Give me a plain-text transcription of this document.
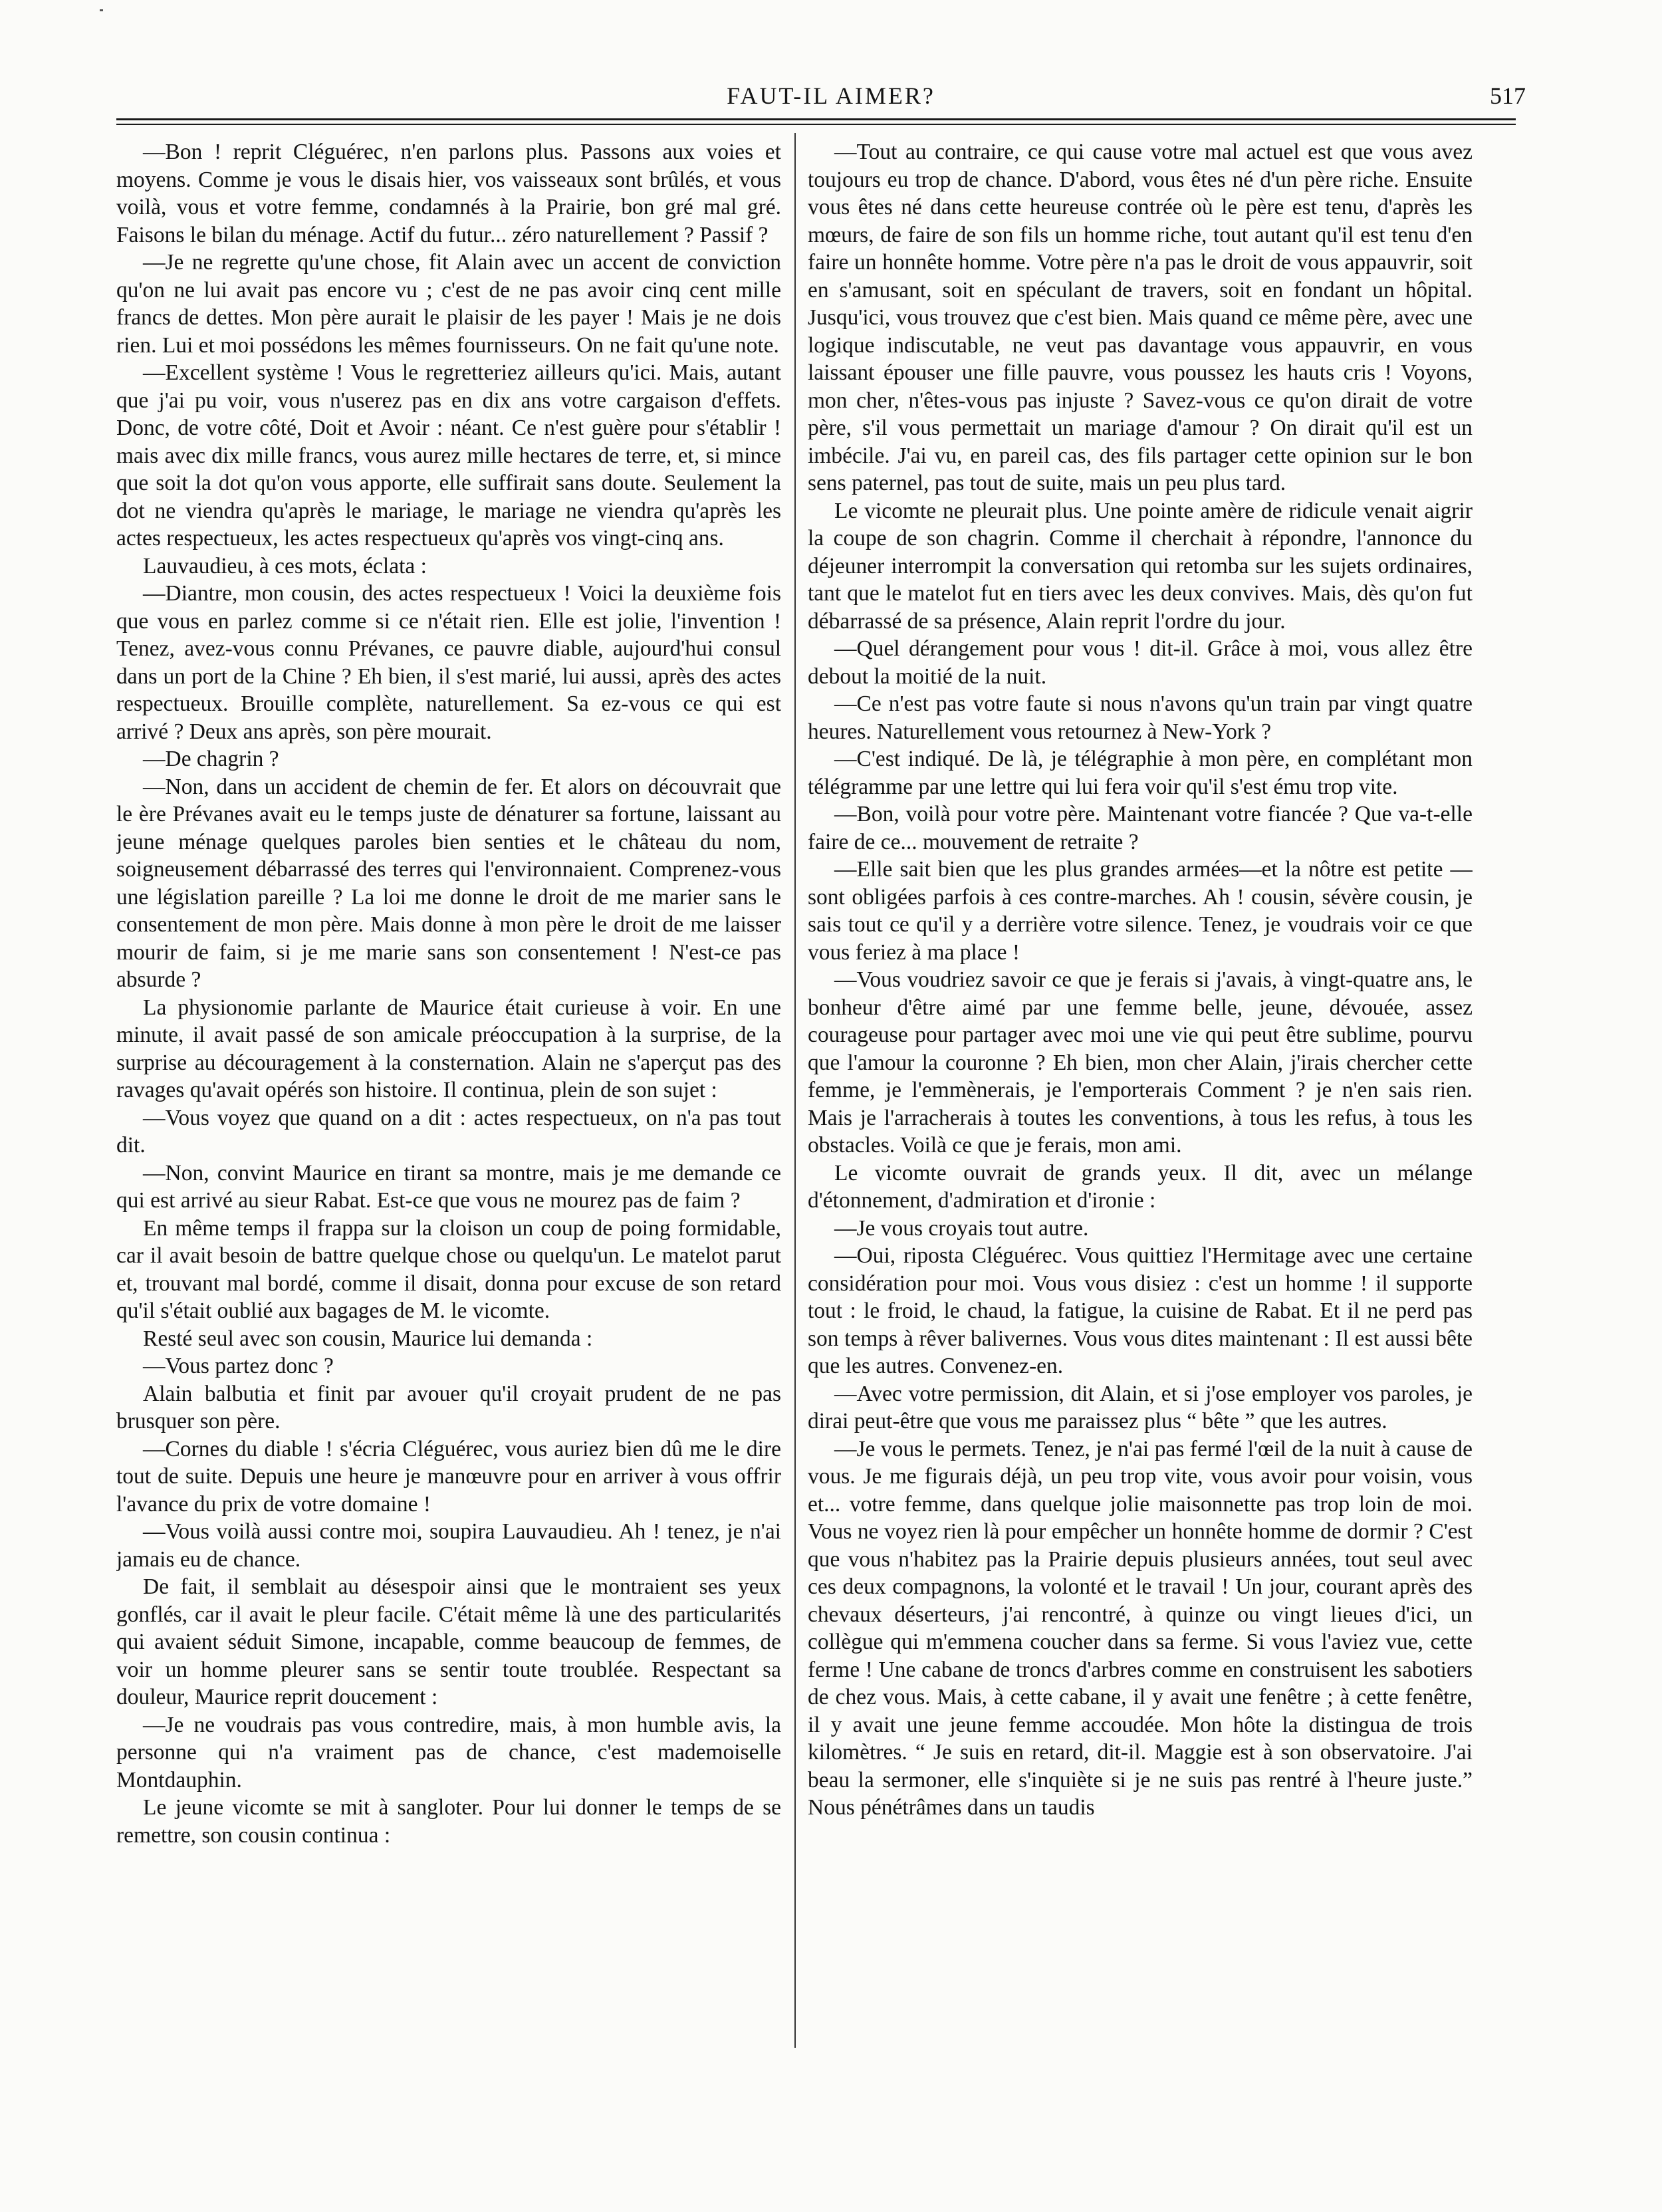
FAUT-IL AIMER?	517

—Bon ! reprit Cléguérec, n'en parlons plus. Passons aux voies et moyens. Comme je vous le disais hier, vos vaisseaux sont brûlés, et vous voilà, vous et votre femme, condamnés à la Prairie, bon gré mal gré. Faisons le bilan du ménage. Actif du futur... zéro naturellement ? Passif ?

—Je ne regrette qu'une chose, fit Alain avec un accent de conviction qu'on ne lui avait pas encore vu ; c'est de ne pas avoir cinq cent mille francs de dettes. Mon père aurait le plaisir de les payer ! Mais je ne dois rien. Lui et moi possédons les mêmes fournisseurs. On ne fait qu'une note.

—Excellent système ! Vous le regretteriez ailleurs qu'ici. Mais, autant que j'ai pu voir, vous n'userez pas en dix ans votre cargaison d'effets. Donc, de votre côté, Doit et Avoir : néant. Ce n'est guère pour s'établir ! mais avec dix mille francs, vous aurez mille hectares de terre, et, si mince que soit la dot qu'on vous apporte, elle suffirait sans doute. Seulement la dot ne viendra qu'après le mariage, le mariage ne viendra qu'après les actes respectueux, les actes respectueux qu'après vos vingt-cinq ans.

Lauvaudieu, à ces mots, éclata :

—Diantre, mon cousin, des actes respectueux ! Voici la deuxième fois que vous en parlez comme si ce n'était rien. Elle est jolie, l'invention ! Tenez, avez-vous connu Prévanes, ce pauvre diable, aujourd'hui consul dans un port de la Chine ? Eh bien, il s'est marié, lui aussi, après des actes respectueux. Brouille complète, naturellement. Sa ez-vous ce qui est arrivé ? Deux ans après, son père mourait.

—De chagrin ?

—Non, dans un accident de chemin de fer. Et alors on découvrait que le ère Prévanes avait eu le temps juste de dénaturer sa fortune, laissant au jeune ménage quelques paroles bien senties et le château du nom, soigneusement débarrassé des terres qui l'environnaient. Comprenez-vous une législation pareille ? La loi me donne le droit de me marier sans le consentement de mon père. Mais donne à mon père le droit de me laisser mourir de faim, si je me marie sans son consentement ! N'est-ce pas absurde ?

La physionomie parlante de Maurice était curieuse à voir. En une minute, il avait passé de son amicale préoccupation à la surprise, de la surprise au découragement à la consternation. Alain ne s'aperçut pas des ravages qu'avait opérés son histoire. Il continua, plein de son sujet :

—Vous voyez que quand on a dit : actes respectueux, on n'a pas tout dit.

—Non, convint Maurice en tirant sa montre, mais je me demande ce qui est arrivé au sieur Rabat. Est-ce que vous ne mourez pas de faim ?

En même temps il frappa sur la cloison un coup de poing formidable, car il avait besoin de battre quelque chose ou quelqu'un. Le matelot parut et, trouvant mal bordé, comme il disait, donna pour excuse de son retard qu'il s'était oublié aux bagages de M. le vicomte.

Resté seul avec son cousin, Maurice lui demanda :

—Vous partez donc ?

Alain balbutia et finit par avouer qu'il croyait prudent de ne pas brusquer son père.

—Cornes du diable ! s'écria Cléguérec, vous auriez bien dû me le dire tout de suite. Depuis une heure je manœuvre pour en arriver à vous offrir l'avance du prix de votre domaine !

—Vous voilà aussi contre moi, soupira Lauvaudieu. Ah ! tenez, je n'ai jamais eu de chance.

De fait, il semblait au désespoir ainsi que le montraient ses yeux gonflés, car il avait le pleur facile. C'était même là une des particularités qui avaient séduit Simone, incapable, comme beaucoup de femmes, de voir un homme pleurer sans se sentir toute troublée. Respectant sa douleur, Maurice reprit doucement :

—Je ne voudrais pas vous contredire, mais, à mon humble avis, la personne qui n'a vraiment pas de chance, c'est mademoiselle Montdauphin.

Le jeune vicomte se mit à sangloter. Pour lui donner le temps de se remettre, son cousin continua :

—Tout au contraire, ce qui cause votre mal actuel est que vous avez toujours eu trop de chance. D'abord, vous êtes né d'un père riche. Ensuite vous êtes né dans cette heureuse contrée où le père est tenu, d'après les mœurs, de faire de son fils un homme riche, tout autant qu'il est tenu d'en faire un honnête homme. Votre père n'a pas le droit de vous appauvrir, soit en s'amusant, soit en spéculant de travers, soit en fondant un hôpital. Jusqu'ici, vous trouvez que c'est bien. Mais quand ce même père, avec une logique indiscutable, ne veut pas davantage vous appauvrir, en vous laissant épouser une fille pauvre, vous poussez les hauts cris ! Voyons, mon cher, n'êtes-vous pas injuste ? Savez-vous ce qu'on dirait de votre père, s'il vous permettait un mariage d'amour ? On dirait qu'il est un imbécile. J'ai vu, en pareil cas, des fils partager cette opinion sur le bon sens paternel, pas tout de suite, mais un peu plus tard.

Le vicomte ne pleurait plus. Une pointe amère de ridicule venait aigrir la coupe de son chagrin. Comme il cherchait à répondre, l'annonce du déjeuner interrompit la conversation qui retomba sur les sujets ordinaires, tant que le matelot fut en tiers avec les deux convives. Mais, dès qu'on fut débarrassé de sa présence, Alain reprit l'ordre du jour.

—Quel dérangement pour vous ! dit-il. Grâce à moi, vous allez être debout la moitié de la nuit.

—Ce n'est pas votre faute si nous n'avons qu'un train par vingt quatre heures. Naturellement vous retournez à New-York ?

—C'est indiqué. De là, je télégraphie à mon père, en complétant mon télégramme par une lettre qui lui fera voir qu'il s'est ému trop vite.

—Bon, voilà pour votre père. Maintenant votre fiancée ? Que va-t-elle faire de ce... mouvement de retraite ?

—Elle sait bien que les plus grandes armées—et la nôtre est petite — sont obligées parfois à ces contre-marches. Ah ! cousin, sévère cousin, je sais tout ce qu'il y a derrière votre silence. Tenez, je voudrais voir ce que vous feriez à ma place !

—Vous voudriez savoir ce que je ferais si j'avais, à vingt-quatre ans, le bonheur d'être aimé par une femme belle, jeune, dévouée, assez courageuse pour partager avec moi une vie qui peut être sublime, pourvu que l'amour la couronne ? Eh bien, mon cher Alain, j'irais chercher cette femme, je l'emmènerais, je l'emporterais Comment ? je n'en sais rien. Mais je l'arracherais à toutes les conventions, à tous les refus, à tous les obstacles. Voilà ce que je ferais, mon ami.

Le vicomte ouvrait de grands yeux. Il dit, avec un mélange d'étonnement, d'admiration et d'ironie :

—Je vous croyais tout autre.

—Oui, riposta Cléguérec. Vous quittiez l'Hermitage avec une certaine considération pour moi. Vous vous disiez : c'est un homme ! il supporte tout : le froid, le chaud, la fatigue, la cuisine de Rabat. Et il ne perd pas son temps à rêver balivernes. Vous vous dites maintenant : Il est aussi bête que les autres. Convenez-en.

—Avec votre permission, dit Alain, et si j'ose employer vos paroles, je dirai peut-être que vous me paraissez plus “ bête ” que les autres.

—Je vous le permets. Tenez, je n'ai pas fermé l'œil de la nuit à cause de vous. Je me figurais déjà, un peu trop vite, vous avoir pour voisin, vous et... votre femme, dans quelque jolie maisonnette pas trop loin de moi. Vous ne voyez rien là pour empêcher un honnête homme de dormir ? C'est que vous n'habitez pas la Prairie depuis plusieurs années, tout seul avec ces deux compagnons, la volonté et le travail ! Un jour, courant après des chevaux déserteurs, j'ai rencontré, à quinze ou vingt lieues d'ici, un collègue qui m'emmena coucher dans sa ferme. Si vous l'aviez vue, cette ferme ! Une cabane de troncs d'arbres comme en construisent les sabotiers de chez vous. Mais, à cette cabane, il y avait une fenêtre ; à cette fenêtre, il y avait une jeune femme accoudée. Mon hôte la distingua de trois kilomètres. “ Je suis en retard, dit-il. Maggie est à son observatoire. J'ai beau la sermoner, elle s'inquiète si je ne suis pas rentré à l'heure juste.” Nous pénétrâmes dans un taudis
